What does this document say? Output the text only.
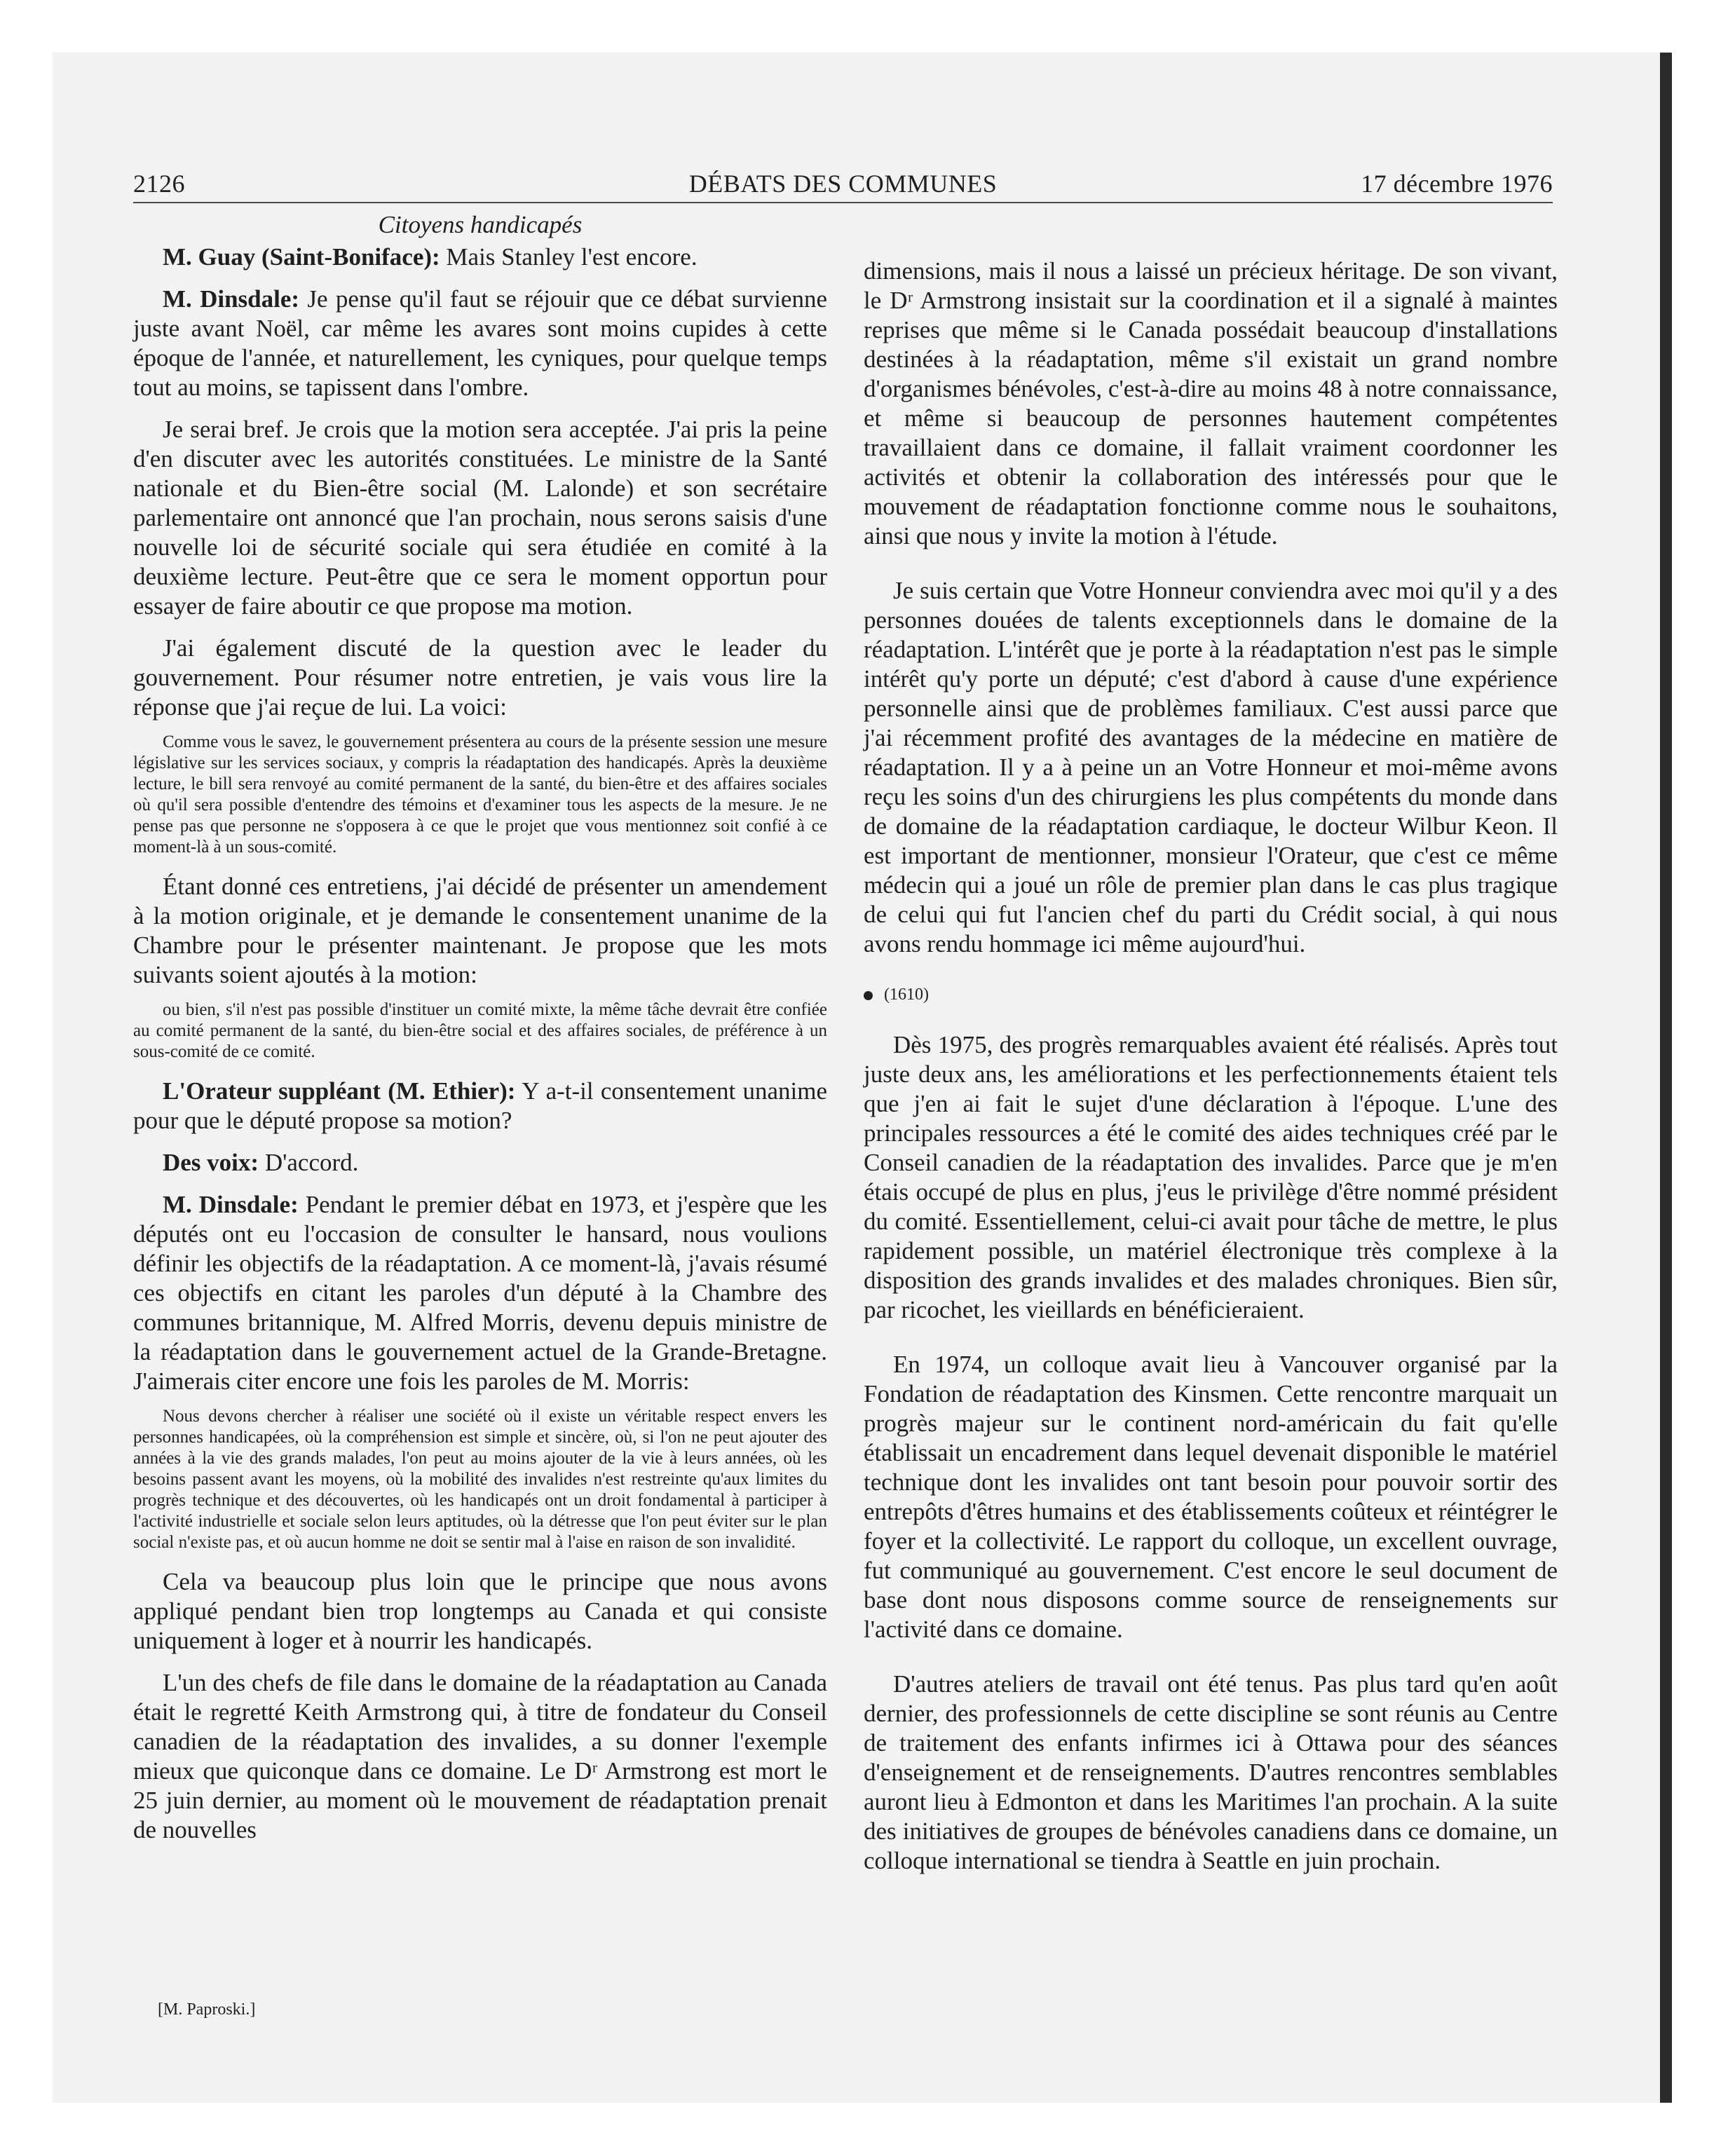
2126	DÉBATS DES COMMUNES	17 décembre 1976

Citoyens handicapés

M. Guay (Saint-Boniface): Mais Stanley l'est encore.

M. Dinsdale: Je pense qu'il faut se réjouir que ce débat survienne juste avant Noël, car même les avares sont moins cupides à cette époque de l'année, et naturellement, les cyniques, pour quelque temps tout au moins, se tapissent dans l'ombre.

Je serai bref. Je crois que la motion sera acceptée. J'ai pris la peine d'en discuter avec les autorités constituées. Le ministre de la Santé nationale et du Bien-être social (M. Lalonde) et son secrétaire parlementaire ont annoncé que l'an prochain, nous serons saisis d'une nouvelle loi de sécurité sociale qui sera étudiée en comité à la deuxième lecture. Peut-être que ce sera le moment opportun pour essayer de faire aboutir ce que propose ma motion.

J'ai également discuté de la question avec le leader du gouvernement. Pour résumer notre entretien, je vais vous lire la réponse que j'ai reçue de lui. La voici:

Comme vous le savez, le gouvernement présentera au cours de la présente session une mesure législative sur les services sociaux, y compris la réadaptation des handicapés. Après la deuxième lecture, le bill sera renvoyé au comité permanent de la santé, du bien-être et des affaires sociales où qu'il sera possible d'entendre des témoins et d'examiner tous les aspects de la mesure. Je ne pense pas que personne ne s'opposera à ce que le projet que vous mentionnez soit confié à ce moment-là à un sous-comité.

Étant donné ces entretiens, j'ai décidé de présenter un amendement à la motion originale, et je demande le consentement unanime de la Chambre pour le présenter maintenant. Je propose que les mots suivants soient ajoutés à la motion:

ou bien, s'il n'est pas possible d'instituer un comité mixte, la même tâche devrait être confiée au comité permanent de la santé, du bien-être social et des affaires sociales, de préférence à un sous-comité de ce comité.

L'Orateur suppléant (M. Ethier): Y a-t-il consentement unanime pour que le député propose sa motion?

Des voix: D'accord.

M. Dinsdale: Pendant le premier débat en 1973, et j'espère que les députés ont eu l'occasion de consulter le hansard, nous voulions définir les objectifs de la réadaptation. A ce moment-là, j'avais résumé ces objectifs en citant les paroles d'un député à la Chambre des communes britannique, M. Alfred Morris, devenu depuis ministre de la réadaptation dans le gouvernement actuel de la Grande-Bretagne. J'aimerais citer encore une fois les paroles de M. Morris:

Nous devons chercher à réaliser une société où il existe un véritable respect envers les personnes handicapées, où la compréhension est simple et sincère, où, si l'on ne peut ajouter des années à la vie des grands malades, l'on peut au moins ajouter de la vie à leurs années, où les besoins passent avant les moyens, où la mobilité des invalides n'est restreinte qu'aux limites du progrès technique et des découvertes, où les handicapés ont un droit fondamental à participer à l'activité industrielle et sociale selon leurs aptitudes, où la détresse que l'on peut éviter sur le plan social n'existe pas, et où aucun homme ne doit se sentir mal à l'aise en raison de son invalidité.

Cela va beaucoup plus loin que le principe que nous avons appliqué pendant bien trop longtemps au Canada et qui consiste uniquement à loger et à nourrir les handicapés.

L'un des chefs de file dans le domaine de la réadaptation au Canada était le regretté Keith Armstrong qui, à titre de fondateur du Conseil canadien de la réadaptation des invalides, a su donner l'exemple mieux que quiconque dans ce domaine. Le Dʳ Armstrong est mort le 25 juin dernier, au moment où le mouvement de réadaptation prenait de nouvelles

dimensions, mais il nous a laissé un précieux héritage. De son vivant, le Dʳ Armstrong insistait sur la coordination et il a signalé à maintes reprises que même si le Canada possédait beaucoup d'installations destinées à la réadaptation, même s'il existait un grand nombre d'organismes bénévoles, c'est-à-dire au moins 48 à notre connaissance, et même si beaucoup de personnes hautement compétentes travaillaient dans ce domaine, il fallait vraiment coordonner les activités et obtenir la collaboration des intéressés pour que le mouvement de réadaptation fonctionne comme nous le souhaitons, ainsi que nous y invite la motion à l'étude.

Je suis certain que Votre Honneur conviendra avec moi qu'il y a des personnes douées de talents exceptionnels dans le domaine de la réadaptation. L'intérêt que je porte à la réadaptation n'est pas le simple intérêt qu'y porte un député; c'est d'abord à cause d'une expérience personnelle ainsi que de problèmes familiaux. C'est aussi parce que j'ai récemment profité des avantages de la médecine en matière de réadaptation. Il y a à peine un an Votre Honneur et moi-même avons reçu les soins d'un des chirurgiens les plus compétents du monde dans de domaine de la réadaptation cardiaque, le docteur Wilbur Keon. Il est important de mentionner, monsieur l'Orateur, que c'est ce même médecin qui a joué un rôle de premier plan dans le cas plus tragique de celui qui fut l'ancien chef du parti du Crédit social, à qui nous avons rendu hommage ici même aujourd'hui.

(1610)

Dès 1975, des progrès remarquables avaient été réalisés. Après tout juste deux ans, les améliorations et les perfectionnements étaient tels que j'en ai fait le sujet d'une déclaration à l'époque. L'une des principales ressources a été le comité des aides techniques créé par le Conseil canadien de la réadaptation des invalides. Parce que je m'en étais occupé de plus en plus, j'eus le privilège d'être nommé président du comité. Essentiellement, celui-ci avait pour tâche de mettre, le plus rapidement possible, un matériel électronique très complexe à la disposition des grands invalides et des malades chroniques. Bien sûr, par ricochet, les vieillards en bénéficieraient.

En 1974, un colloque avait lieu à Vancouver organisé par la Fondation de réadaptation des Kinsmen. Cette rencontre marquait un progrès majeur sur le continent nord-américain du fait qu'elle établissait un encadrement dans lequel devenait disponible le matériel technique dont les invalides ont tant besoin pour pouvoir sortir des entrepôts d'êtres humains et des établissements coûteux et réintégrer le foyer et la collectivité. Le rapport du colloque, un excellent ouvrage, fut communiqué au gouvernement. C'est encore le seul document de base dont nous disposons comme source de renseignements sur l'activité dans ce domaine.

D'autres ateliers de travail ont été tenus. Pas plus tard qu'en août dernier, des professionnels de cette discipline se sont réunis au Centre de traitement des enfants infirmes ici à Ottawa pour des séances d'enseignement et de renseignements. D'autres rencontres semblables auront lieu à Edmonton et dans les Maritimes l'an prochain. A la suite des initiatives de groupes de bénévoles canadiens dans ce domaine, un colloque international se tiendra à Seattle en juin prochain.

[M. Paproski.]
